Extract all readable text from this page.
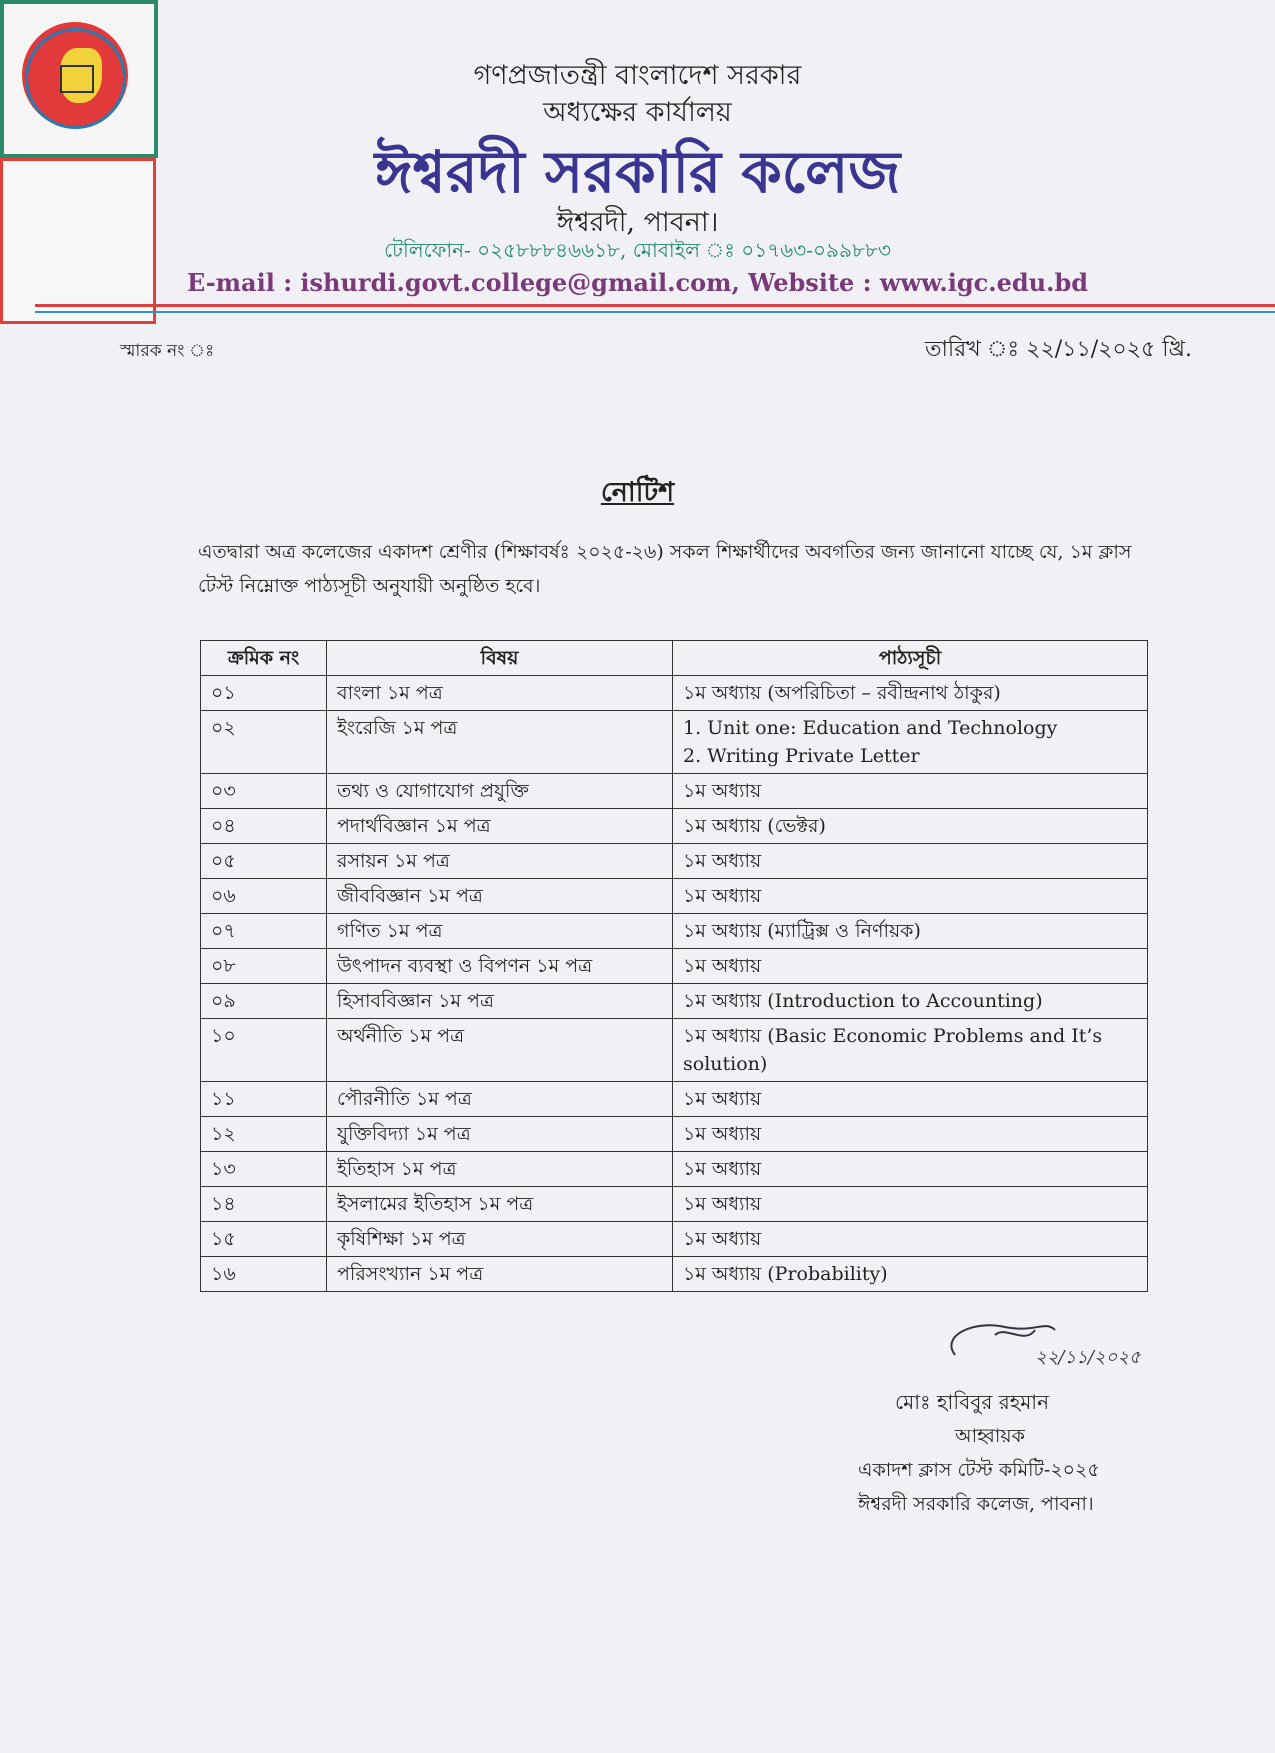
গণপ্রজাতন্ত্রী বাংলাদেশ সরকার
অধ্যক্ষের কার্যালয়
ঈশ্বরদী সরকারি কলেজ
ঈশ্বরদী, পাবনা।
টেলিফোন- ০২৫৮৮৮৪৬৬১৮, মোবাইল ঃ ০১৭৬৩-০৯৯৮৮৩
E-mail : ishurdi.govt.college@gmail.com, Website : www.igc.edu.bd
স্মারক নং ঃ	তারিখ ঃ ২২/১১/২০২৫ খ্রি.
নোটিশ
এতদ্বারা অত্র কলেজের একাদশ শ্রেণীর (শিক্ষাবর্ষঃ ২০২৫-২৬) সকল শিক্ষার্থীদের অবগতির জন্য জানানো যাচ্ছে যে, ১ম ক্লাস টেস্ট নিম্নোক্ত পাঠ্যসূচী অনুযায়ী অনুষ্ঠিত হবে।
ক্রমিক নং	বিষয়	পাঠ্যসূচী
০১	বাংলা ১ম পত্র	১ম অধ্যায় (অপরিচিতা – রবীন্দ্রনাথ ঠাকুর)
০২	ইংরেজি ১ম পত্র	1. Unit one: Education and Technology
2. Writing Private Letter
০৩	তথ্য ও যোগাযোগ প্রযুক্তি	১ম অধ্যায়
০৪	পদার্থবিজ্ঞান ১ম পত্র	১ম অধ্যায় (ভেক্টর)
০৫	রসায়ন ১ম পত্র	১ম অধ্যায়
০৬	জীববিজ্ঞান ১ম পত্র	১ম অধ্যায়
০৭	গণিত ১ম পত্র	১ম অধ্যায় (ম্যাট্রিক্স ও নির্ণায়ক)
০৮	উৎপাদন ব্যবস্থা ও বিপণন ১ম পত্র	১ম অধ্যায়
০৯	হিসাববিজ্ঞান ১ম পত্র	১ম অধ্যায় (Introduction to Accounting)
১০	অর্থনীতি ১ম পত্র	১ম অধ্যায় (Basic Economic Problems and It’s solution)
১১	পৌরনীতি ১ম পত্র	১ম অধ্যায়
১২	যুক্তিবিদ্যা ১ম পত্র	১ম অধ্যায়
১৩	ইতিহাস ১ম পত্র	১ম অধ্যায়
১৪	ইসলামের ইতিহাস ১ম পত্র	১ম অধ্যায়
১৫	কৃষিশিক্ষা ১ম পত্র	১ম অধ্যায়
১৬	পরিসংখ্যান ১ম পত্র	১ম অধ্যায় (Probability)
২২/১১/২০২৫
মোঃ হাবিবুর রহমান
আহ্বায়ক
একাদশ ক্লাস টেস্ট কমিটি-২০২৫
ঈশ্বরদী সরকারি কলেজ, পাবনা।
